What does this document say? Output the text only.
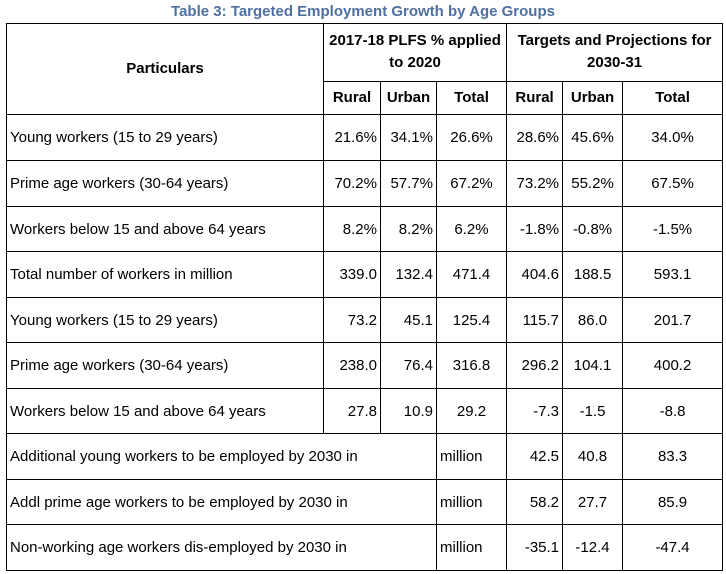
Table 3: Targeted Employment Growth by Age Groups
Particulars	2017-18 PLFS % applied to 2020			Targets and Projections for 2030-31		
	Rural	Urban	Total	Rural	Urban	Total
Young workers (15 to 29 years)	21.6%	34.1%	26.6%	28.6%	45.6%	34.0%
Prime age workers (30-64 years)	70.2%	57.7%	67.2%	73.2%	55.2%	67.5%
Workers below 15 and above 64 years	8.2%	8.2%	6.2%	-1.8%	-0.8%	-1.5%
Total number of workers in million	339.0	132.4	471.4	404.6	188.5	593.1
Young workers (15 to 29 years)	73.2	45.1	125.4	115.7	86.0	201.7
Prime age workers (30-64 years)	238.0	76.4	316.8	296.2	104.1	400.2
Workers below 15 and above 64 years	27.8	10.9	29.2	-7.3	-1.5	-8.8
Additional young workers to be employed by 2030 in			million	42.5	40.8	83.3
Addl prime age workers to be employed by 2030 in			million	58.2	27.7	85.9
Non-working age workers dis-employed by 2030 in			million	-35.1	-12.4	-47.4
